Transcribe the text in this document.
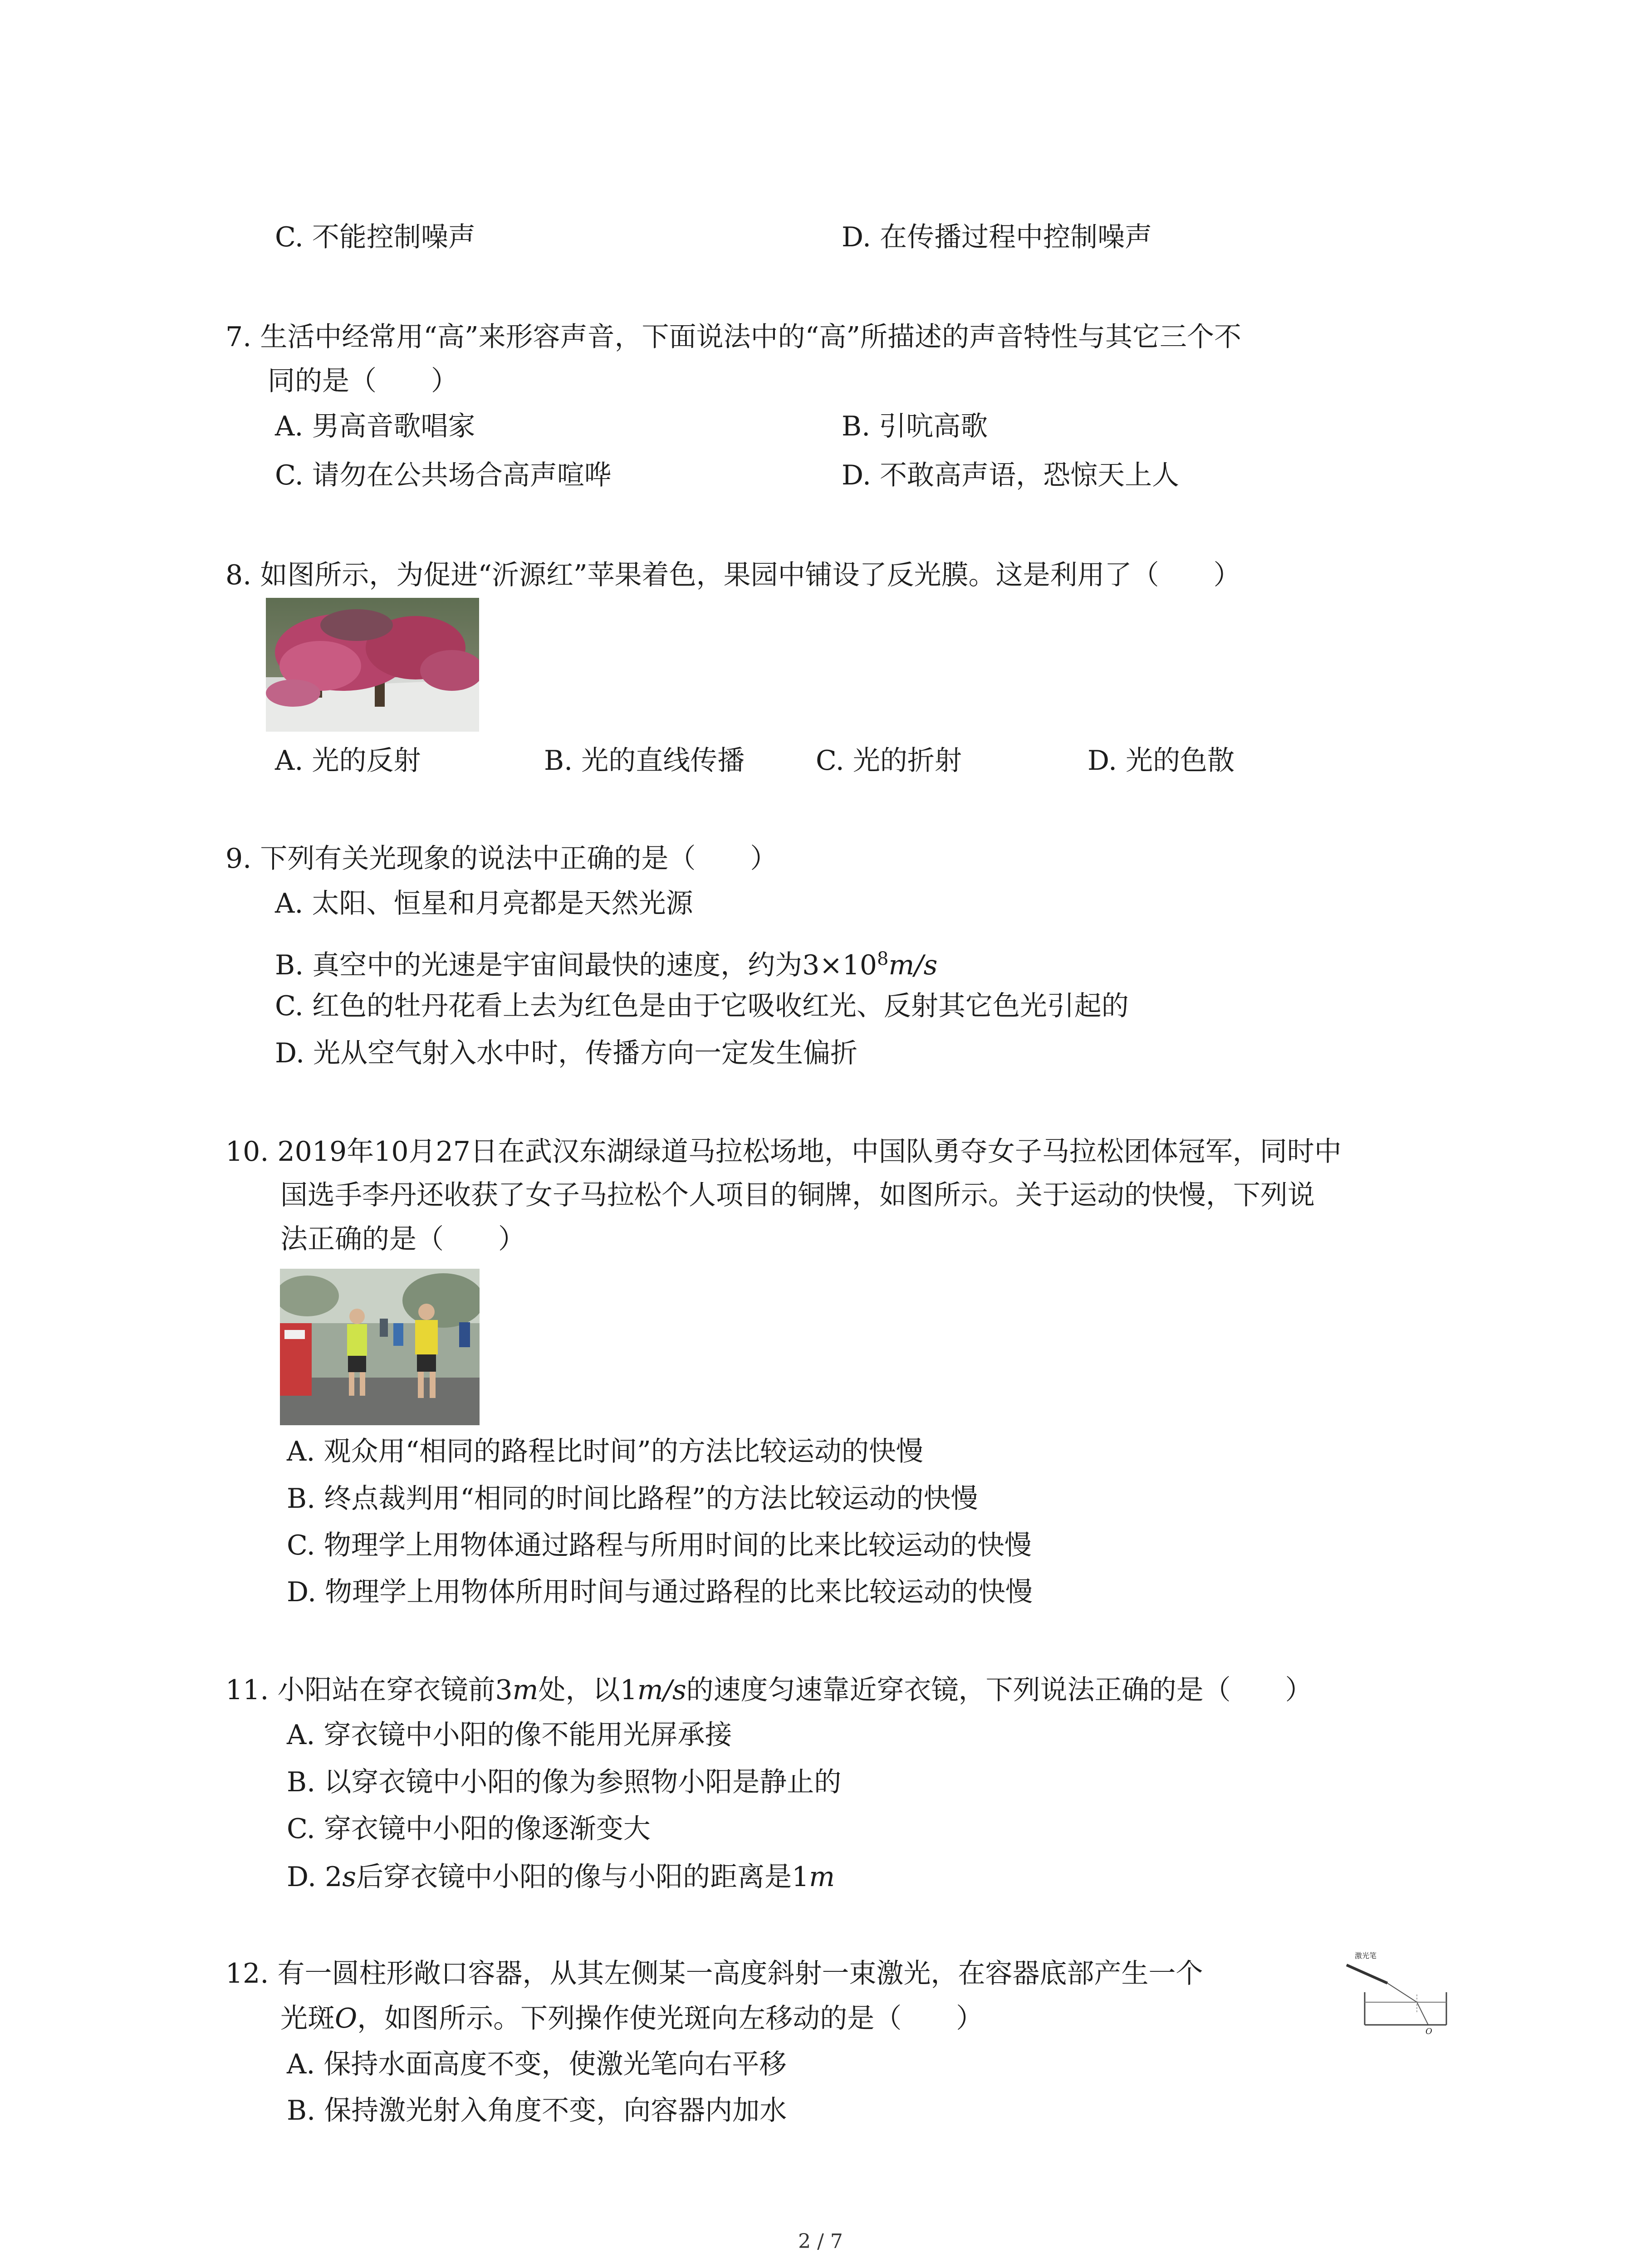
C. 不能控制噪声	D. 在传播过程中控制噪声
7. 生活中经常用“高”来形容声音，下面说法中的“高”所描述的声音特性与其它三个不
同的是（　　）
A. 男高音歌唱家	B. 引吭高歌
C. 请勿在公共场合高声喧哗	D. 不敢高声语，恐惊天上人
8. 如图所示，为促进“沂源红”苹果着色，果园中铺设了反光膜。这是利用了（　　）
A. 光的反射	B. 光的直线传播	C. 光的折射	D. 光的色散
9. 下列有关光现象的说法中正确的是（　　）
A. 太阳、恒星和月亮都是天然光源
B. 真空中的光速是宇宙间最快的速度，约为$3\times 10^8m/s$
C. 红色的牡丹花看上去为红色是由于它吸收红光、反射其它色光引起的
D. 光从空气射入水中时，传播方向一定发生偏折
10. 2019年10月27日在武汉东湖绿道马拉松场地，中国队勇夺女子马拉松团体冠军，同时中
国选手李丹还收获了女子马拉松个人项目的铜牌，如图所示。关于运动的快慢，下列说
法正确的是（　　）
A. 观众用“相同的路程比时间”的方法比较运动的快慢
B. 终点裁判用“相同的时间比路程”的方法比较运动的快慢
C. 物理学上用物体通过路程与所用时间的比来比较运动的快慢
D. 物理学上用物体所用时间与通过路程的比来比较运动的快慢
11. 小阳站在穿衣镜前3m处，以1m/s的速度匀速靠近穿衣镜，下列说法正确的是（　　）
A. 穿衣镜中小阳的像不能用光屏承接
B. 以穿衣镜中小阳的像为参照物小阳是静止的
C. 穿衣镜中小阳的像逐渐变大
D. 2s后穿衣镜中小阳的像与小阳的距离是1m
12. 有一圆柱形敞口容器，从其左侧某一高度斜射一束激光，在容器底部产生一个
光斑O，如图所示。下列操作使光斑向左移动的是（　　）
A. 保持水面高度不变，使激光笔向右平移
B. 保持激光射入角度不变，向容器内加水
激光笔
O
2 / 7
